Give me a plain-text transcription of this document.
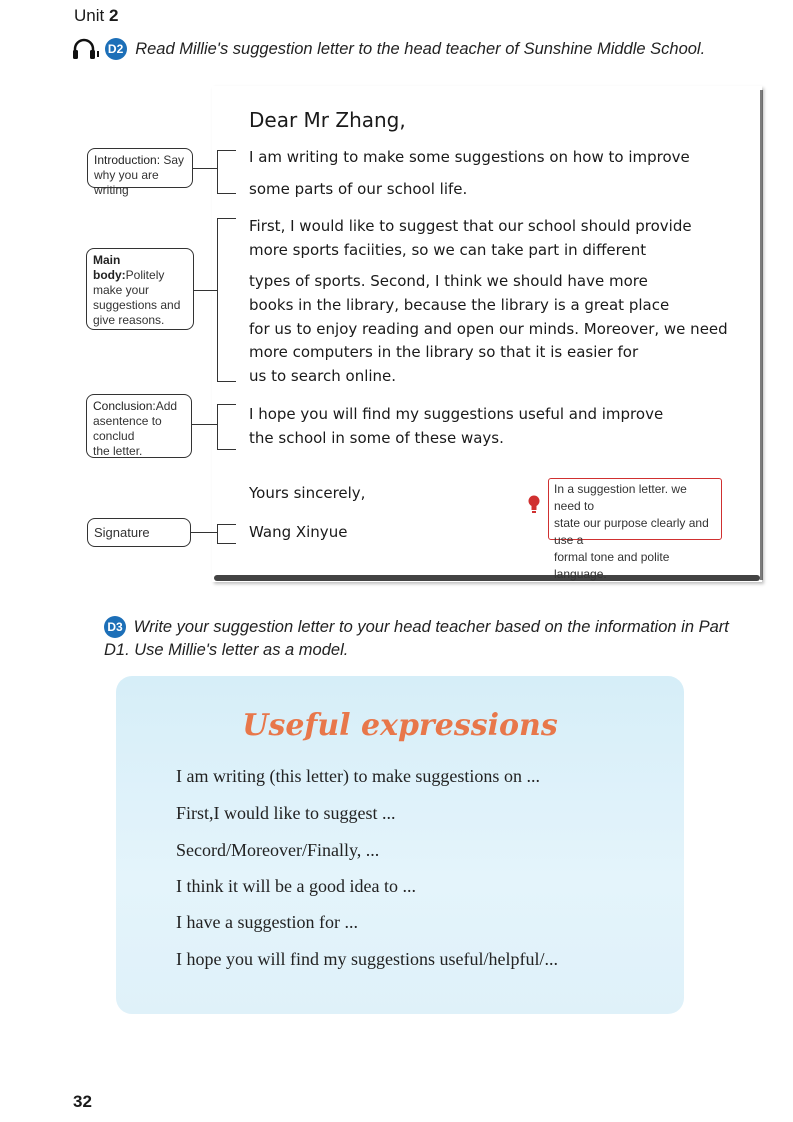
Unit 2
D2 Read Millie's suggestion letter to the head teacher of Sunshine Middle School.
Dear Mr Zhang,
I am writing to make some suggestions on how to improve
some parts of our school life.
First, I would like to suggest that our school should provide
more sports faciities, so we can take part in different
types of sports. Second, I think we should have more
books in the library, because the library is a great place
for us to enjoy reading and open our minds. Moreover, we need
more computers in the library so that it is easier for
us to search online.
I hope you will find my suggestions useful and improve
the school in some of these ways.
Yours sincerely,
Wang Xinyue
Introduction: Say
why you are writing
Main body:Politely
make your
suggestions and
give reasons.
Conclusion:Add
asentence to conclud
the letter.
Signature
In a suggestion letter. we need to
state our purpose clearly and use a
formal tone and polite language.
D3 Write your suggestion letter to your head teacher based on the information in Part
D1. Use Millie's letter as a model.
Useful expressions
I am writing (this letter) to make suggestions on ...
First,I would like to suggest ...
Secord/Moreover/Finally, ...
I think it will be a good idea to ...
I have a suggestion for ...
I hope you will find my suggestions useful/helpful/...
32
